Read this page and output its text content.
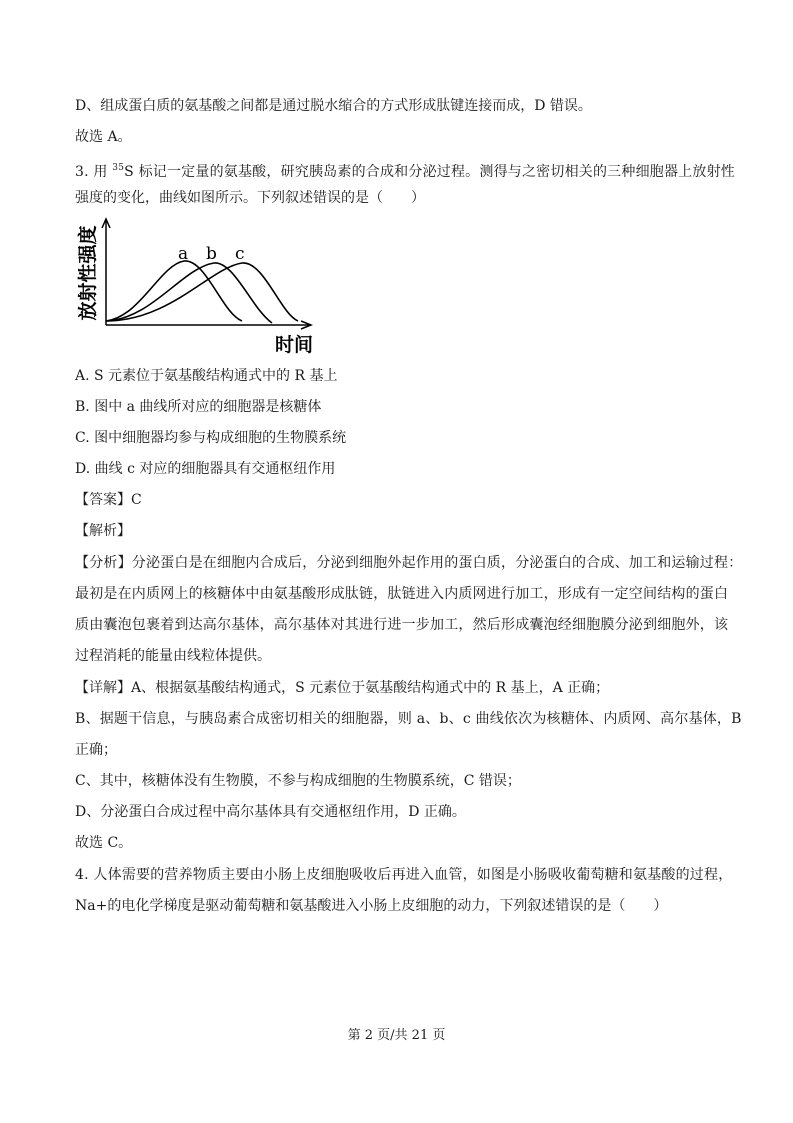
D、组成蛋白质的氨基酸之间都是通过脱水缩合的方式形成肽键连接而成，D 错误。
故选 A。
3. 用 $^{35}$S 标记一定量的氨基酸，研究胰岛素的合成和分泌过程。测得与之密切相关的三种细胞器上放射性
强度的变化，曲线如图所示。下列叙述错误的是（　　）
a b c
放射性强度
时间
A. S 元素位于氨基酸结构通式中的 R 基上
B. 图中 a 曲线所对应的细胞器是核糖体
C. 图中细胞器均参与构成细胞的生物膜系统
D. 曲线 c 对应的细胞器具有交通枢纽作用
【答案】C
【解析】
【分析】分泌蛋白是在细胞内合成后，分泌到细胞外起作用的蛋白质，分泌蛋白的合成、加工和运输过程：
最初是在内质网上的核糖体中由氨基酸形成肽链，肽链进入内质网进行加工，形成有一定空间结构的蛋白
质由囊泡包裹着到达高尔基体，高尔基体对其进行进一步加工，然后形成囊泡经细胞膜分泌到细胞外，该
过程消耗的能量由线粒体提供。
【详解】A、根据氨基酸结构通式，S 元素位于氨基酸结构通式中的 R 基上，A 正确；
B、据题干信息，与胰岛素合成密切相关的细胞器，则 a、b、c 曲线依次为核糖体、内质网、高尔基体，B
正确；
C、其中，核糖体没有生物膜，不参与构成细胞的生物膜系统，C 错误；
D、分泌蛋白合成过程中高尔基体具有交通枢纽作用，D 正确。
故选 C。
4. 人体需要的营养物质主要由小肠上皮细胞吸收后再进入血管，如图是小肠吸收葡萄糖和氨基酸的过程，
Na+的电化学梯度是驱动葡萄糖和氨基酸进入小肠上皮细胞的动力，下列叙述错误的是（　　）
第 2 页/共 21 页
